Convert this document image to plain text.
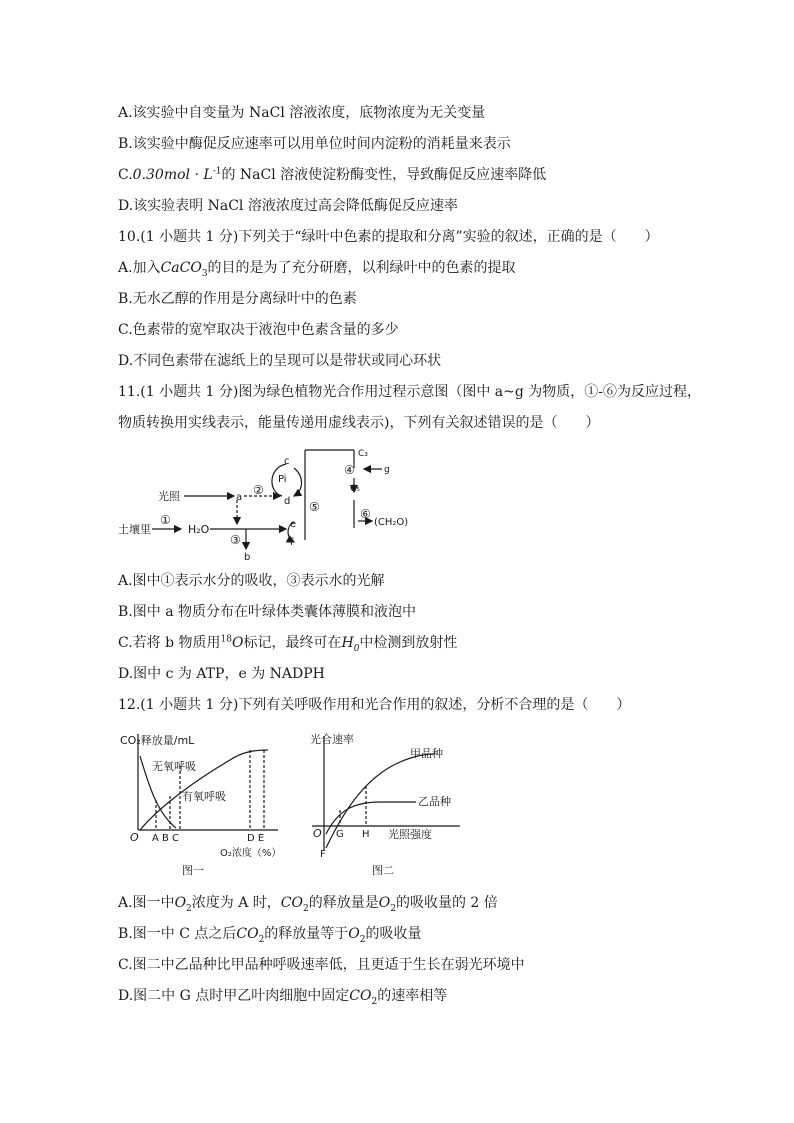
A.该实验中自变量为 NaCl 溶液浓度，底物浓度为无关变量
B.该实验中酶促反应速率可以用单位时间内淀粉的消耗量来表示
$C.0.30mol \cdot L^{-1}$的 NaCl 溶液使淀粉酶变性，导致酶促反应速率降低
D.该实验表明 NaCl 溶液浓度过高会降低酶促反应速率
10.(1 小题共 1 分)下列关于“绿叶中色素的提取和分离”实验的叙述，正确的是（　　）
A.加入CaCO$_3$的目的是为了充分研磨，以利绿叶中的色素的提取
B.无水乙醇的作用是分离绿叶中的色素
C.色素带的宽窄取决于液泡中色素含量的多少
D.不同色素带在滤纸上的呈现可以是带状或同心环状
11.(1 小题共 1 分)图为绿色植物光合作用过程示意图（图中 a~g 为物质，①-⑥为反应过程，
物质转换用实线表示，能量传递用虚线表示)，下列有关叙述错误的是（　　）
土壤里
①
H₂O
光照	a
②
③
b
c
Pi
d
e
f
⑤
C₃
④	g
C₅
⑥
(CH₂O)
A.图中①表示水分的吸收，③表示水的光解
B.图中 a 物质分布在叶绿体类囊体薄膜和液泡中
C.若将 b 物质用$^{18}$O标记，最终可在$H_0$中检测到放射性
D.图中 c 为 ATP，e 为 NADPH
12.(1 小题共 1 分)下列有关呼吸作用和光合作用的叙述，分析不合理的是（　　）
CO₂释放量/mL
无氧呼吸
有氧呼吸
O A B C	D E
O₂浓度（%）
图一
光合速率
甲品种
乙品种
O G H
F
光照强度
图二
A.图一中$O_2$浓度为 A 时，$CO_2$的释放量是$O_2$的吸收量的 2 倍
B.图一中 C 点之后$CO_2$的释放量等于$O_2$的吸收量
C.图二中乙品种比甲品种呼吸速率低，且更适于生长在弱光环境中
D.图二中 G 点时甲乙叶肉细胞中固定$CO_2$的速率相等
